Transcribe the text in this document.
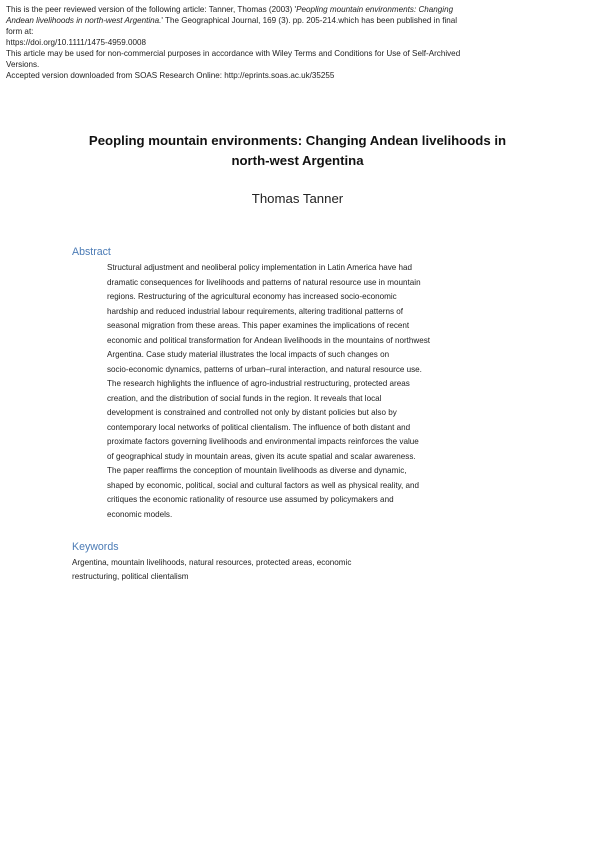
This is the peer reviewed version of the following article: Tanner, Thomas (2003) 'Peopling mountain environments: Changing

Andean livelihoods in north-west Argentina.' The Geographical Journal, 169 (3). pp. 205-214.which has been published in final

form at:

https://doi.org/10.1111/1475-4959.0008

This article may be used for non-commercial purposes in accordance with Wiley Terms and Conditions for Use of Self-Archived

Versions.

Accepted version downloaded from SOAS Research Online: http://eprints.soas.ac.uk/35255

Peopling mountain environments: Changing Andean livelihoods in
north-west Argentina
Thomas Tanner
Abstract
Structural adjustment and neoliberal policy implementation in Latin America have had
dramatic consequences for livelihoods and patterns of natural resource use in mountain
regions. Restructuring of the agricultural economy has increased socio-economic
hardship and reduced industrial labour requirements, altering traditional patterns of
seasonal migration from these areas. This paper examines the implications of recent
economic and political transformation for Andean livelihoods in the mountains of northwest
Argentina. Case study material illustrates the local impacts of such changes on
socio-economic dynamics, patterns of urban–rural interaction, and natural resource use.
The research highlights the influence of agro-industrial restructuring, protected areas
creation, and the distribution of social funds in the region. It reveals that local
development is constrained and controlled not only by distant policies but also by
contemporary local networks of political clientalism. The influence of both distant and
proximate factors governing livelihoods and environmental impacts reinforces the value
of geographical study in mountain areas, given its acute spatial and scalar awareness.
The paper reaffirms the conception of mountain livelihoods as diverse and dynamic,
shaped by economic, political, social and cultural factors as well as physical reality, and
critiques the economic rationality of resource use assumed by policymakers and
economic models.
Keywords
Argentina, mountain livelihoods, natural resources, protected areas, economic
restructuring, political clientalism
